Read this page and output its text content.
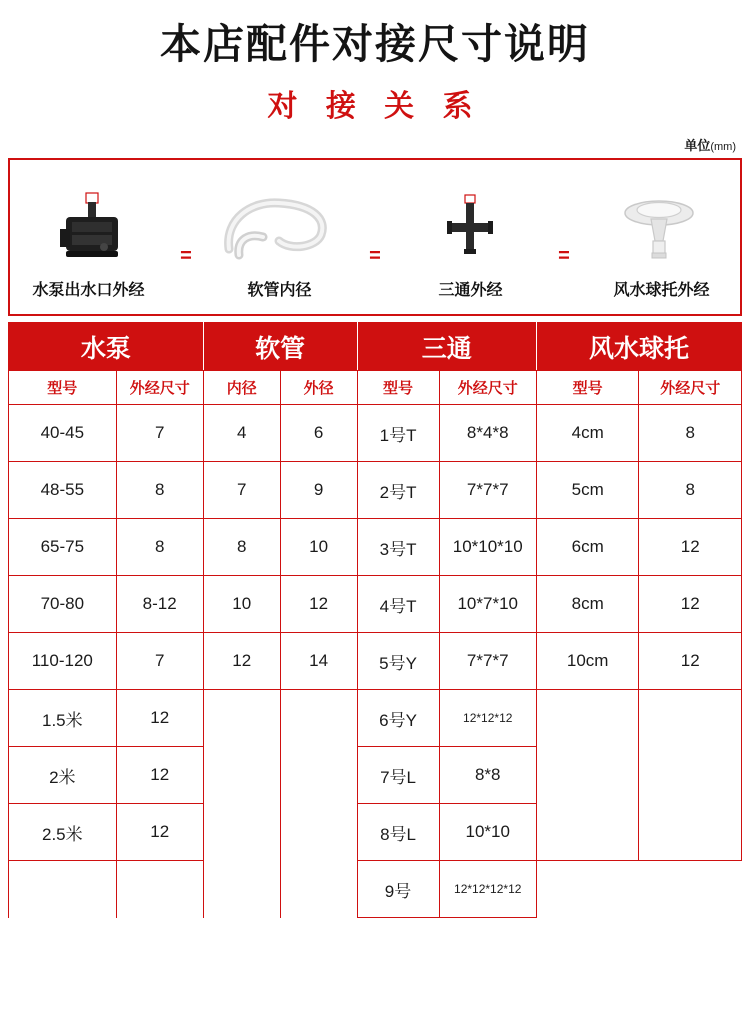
本店配件对接尺寸说明
对 接 关 系
单位(mm)
=	=	=
水泵出水口外经	软管内径	三通外经	风水球托外经
水泵		软管		三通		风水球托	
型号	外经尺寸	内径	外径	型号	外经尺寸	型号	外经尺寸
40-45	7	4	6	1号T	8*4*8	4cm	8
48-55	8	7	9	2号T	7*7*7	5cm	8
65-75	8	8	10	3号T	10*10*10	6cm	12
70-80	8-12	10	12	4号T	10*7*10	8cm	12
110-120	7	12	14	5号Y	7*7*7	10cm	12
1.5米	12			6号Y	12*12*12		
2米	12			7号L	8*8		
2.5米	12			8号L	10*10		
				9号	12*12*12*12		
